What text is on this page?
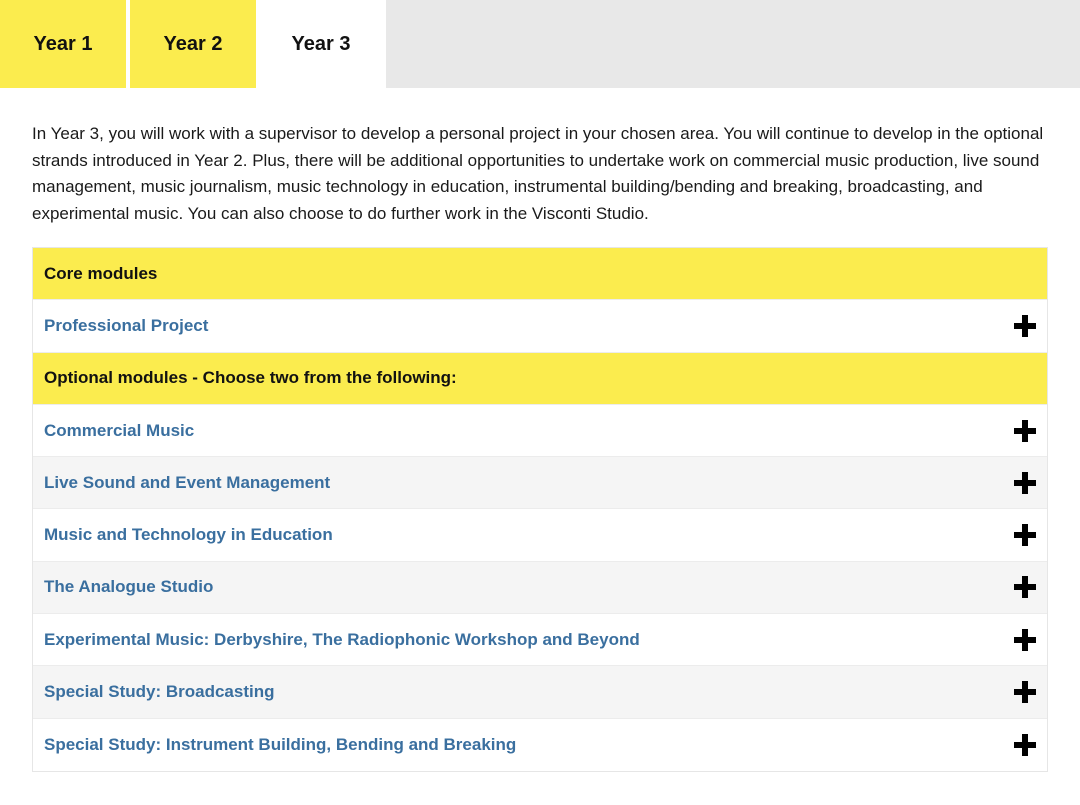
Year 1	Year 2	Year 3

In Year 3, you will work with a supervisor to develop a personal project in your chosen area. You will continue to develop in the optional strands introduced in Year 2. Plus, there will be additional opportunities to undertake work on commercial music production, live sound management, music journalism, music technology in education, instrumental building/bending and breaking, broadcasting, and experimental music. You can also choose to do further work in the Visconti Studio.

Core modules
Professional Project
Optional modules - Choose two from the following:
Commercial Music
Live Sound and Event Management
Music and Technology in Education
The Analogue Studio
Experimental Music: Derbyshire, The Radiophonic Workshop and Beyond
Special Study: Broadcasting
Special Study: Instrument Building, Bending and Breaking
